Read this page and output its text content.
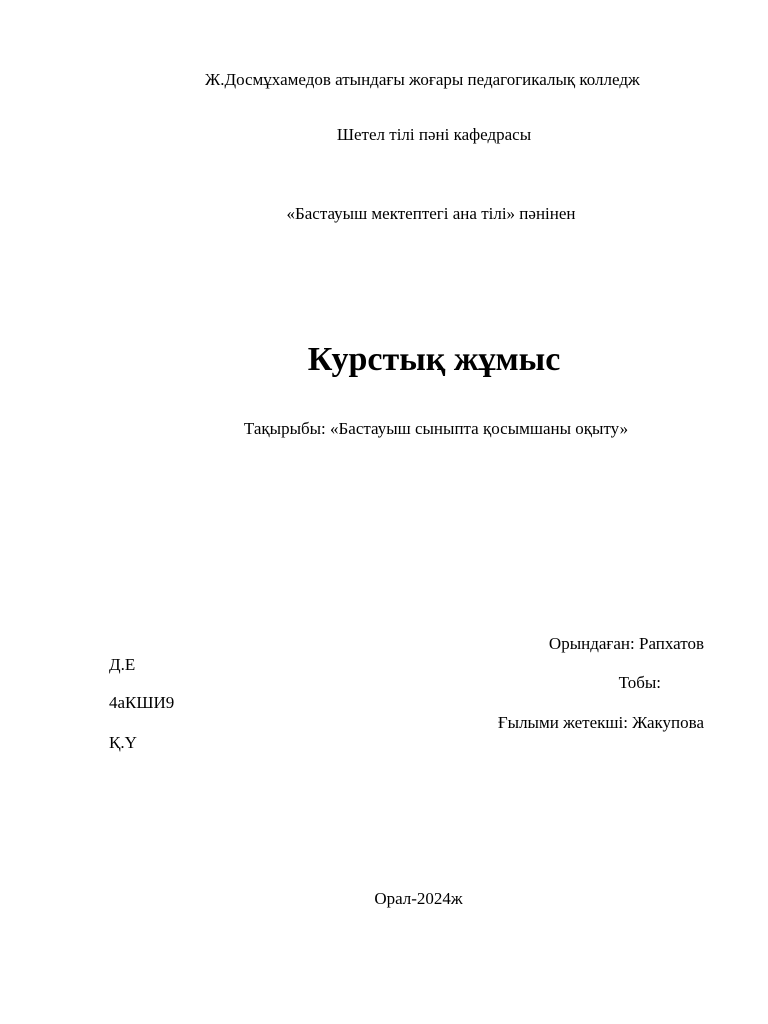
Ж.Досмұхамедов атындағы жоғары педагогикалық колледж
Шетел тілі пәні кафедрасы
«Бастауыш мектептегі ана тілі» пәнінен
Курстық жұмыс
Тақырыбы: «Бастауыш сыныпта қосымшаны оқыту»
Орындаған: Рапхатов
Д.Е
Тобы:
4аКШИ9
Ғылыми жетекші: Жакупова
Қ.Ү
Орал-2024ж
